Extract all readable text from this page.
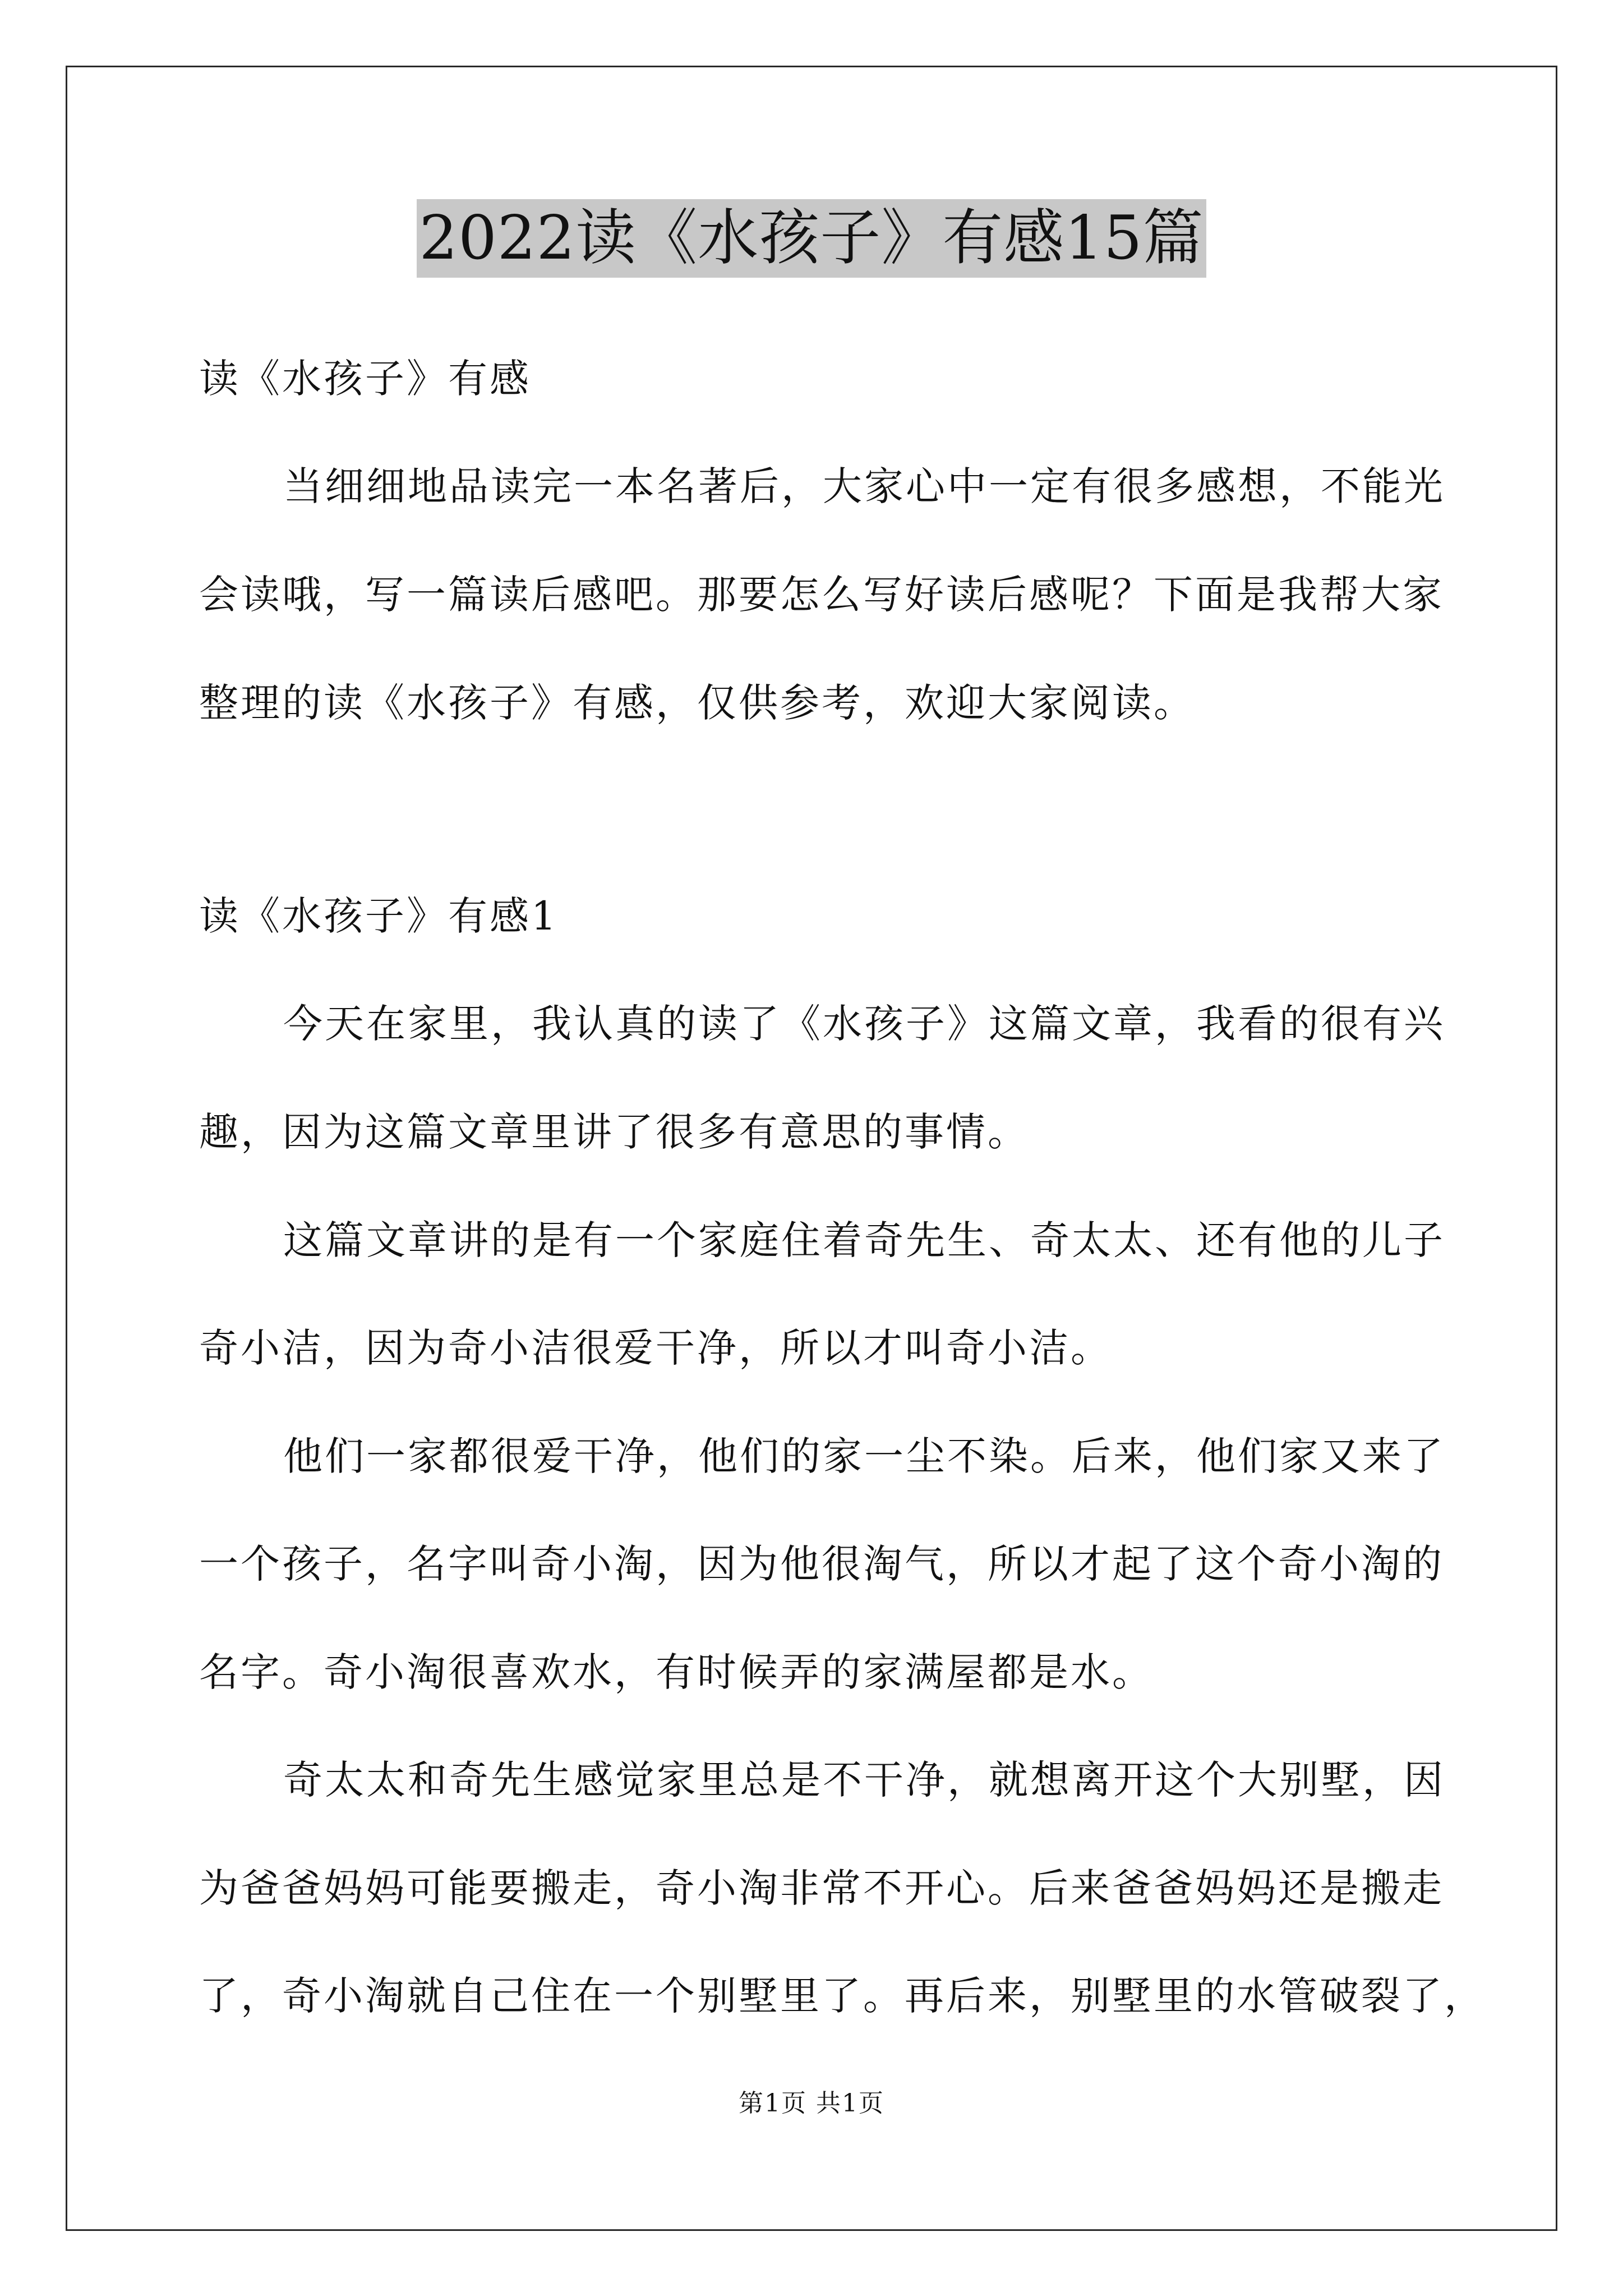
2022读《水孩子》有感15篇
读《水孩子》有感
当细细地品读完一本名著后，大家心中一定有很多感想，不能光
会读哦，写一篇读后感吧。那要怎么写好读后感呢？下面是我帮大家
整理的读《水孩子》有感，仅供参考，欢迎大家阅读。
读《水孩子》有感1
今天在家里，我认真的读了《水孩子》这篇文章，我看的很有兴
趣，因为这篇文章里讲了很多有意思的事情。
这篇文章讲的是有一个家庭住着奇先生、奇太太、还有他的儿子
奇小洁，因为奇小洁很爱干净，所以才叫奇小洁。
他们一家都很爱干净，他们的家一尘不染。后来，他们家又来了
一个孩子，名字叫奇小淘，因为他很淘气，所以才起了这个奇小淘的
名字。奇小淘很喜欢水，有时候弄的家满屋都是水。
奇太太和奇先生感觉家里总是不干净，就想离开这个大别墅，因
为爸爸妈妈可能要搬走，奇小淘非常不开心。后来爸爸妈妈还是搬走
了，奇小淘就自己住在一个别墅里了。再后来，别墅里的水管破裂了，
第1页 共1页
